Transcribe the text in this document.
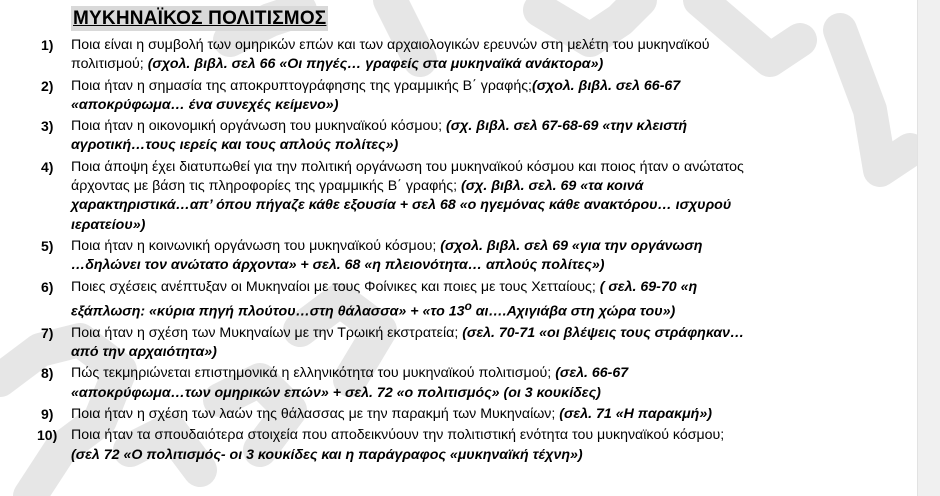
ΜΥΚΗΝΑΪΚΟΣ ΠΟΛΙΤΙΣΜΟΣ
1) Ποια είναι η συμβολή των ομηρικών επών και των αρχαιολογικών ερευνών στη μελέτη του μυκηναϊκού
πολιτισμού; (σχολ. βιβλ. σελ 66 «Οι πηγές… γραφείς στα μυκηναϊκά ανάκτορα»)
2) Ποια ήταν η σημασία της αποκρυπτογράφησης της γραμμικής Β΄ γραφής;(σχολ. βιβλ. σελ 66-67
«αποκρύφωμα… ένα συνεχές κείμενο»)
3) Ποια ήταν η οικονομική οργάνωση του μυκηναϊκού κόσμου; (σχ. βιβλ. σελ 67-68-69 «την κλειστή
αγροτική…τους ιερείς και τους απλούς πολίτες»)
4) Ποια άποψη έχει διατυπωθεί για την πολιτική οργάνωση του μυκηναϊκού κόσμου και ποιος ήταν ο ανώτατος
άρχοντας με βάση τις πληροφορίες της γραμμικής Β΄ γραφής; (σχ. βιβλ. σελ. 69 «τα κοινά
χαρακτηριστικά…απ’ όπου πήγαζε κάθε εξουσία + σελ 68 «ο ηγεμόνας κάθε ανακτόρου… ισχυρού
ιερατείου»)
5) Ποια ήταν η κοινωνική οργάνωση του μυκηναϊκού κόσμου; (σχολ. βιβλ. σελ 69 «για την οργάνωση
…δηλώνει τον ανώτατο άρχοντα» + σελ. 68 «η πλειονότητα… απλούς πολίτες»)
6) Ποιες σχέσεις ανέπτυξαν οι Μυκηναίοι με τους Φοίνικες και ποιες με τους Χετταίους; ( σελ. 69-70 «η
εξάπλωση: «κύρια πηγή πλούτου…στη θάλασσα» + «το $13^o$ αι….Αχιγιάβα στη χώρα του»)
7) Ποια ήταν η σχέση των Μυκηναίων με την Τρωική εκστρατεία; (σελ. 70-71 «οι βλέψεις τους στράφηκαν…
από την αρχαιότητα»)
8) Πώς τεκμηριώνεται επιστημονικά η ελληνικότητα του μυκηναϊκού πολιτισμού; (σελ. 66-67
«αποκρύφωμα…των ομηρικών επών» + σελ. 72 «ο πολιτισμός» (οι 3 κουκίδες)
9) Ποια ήταν η σχέση των λαών της θάλασσας με την παρακμή των Μυκηναίων; (σελ. 71 «Η παρακμή»)
10) Ποια ήταν τα σπουδαιότερα στοιχεία που αποδεικνύουν την πολιτιστική ενότητα του μυκηναϊκού κόσμου;
(σελ 72 «Ο πολιτισμός- οι 3 κουκίδες και η παράγραφος «μυκηναϊκή τέχνη»)
